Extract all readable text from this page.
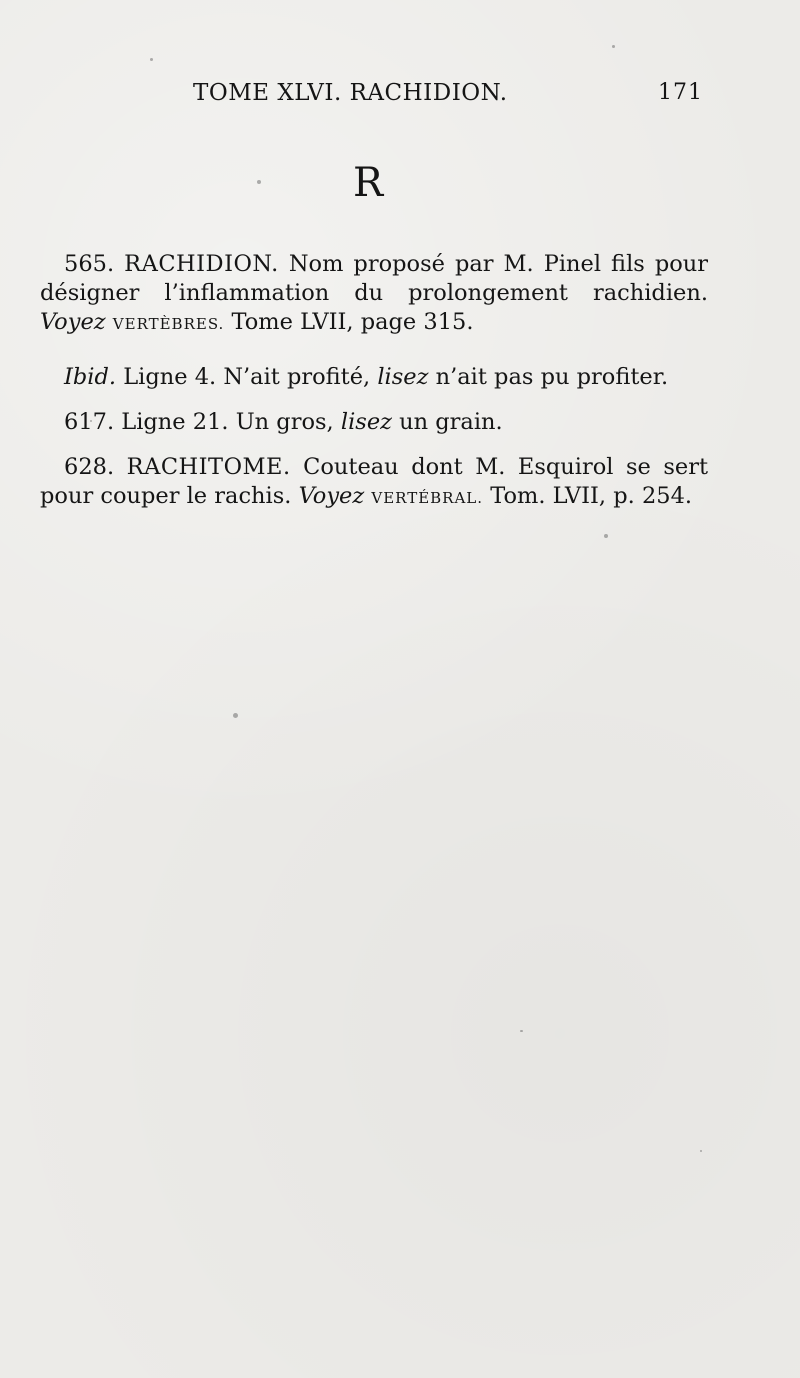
TOME XLVI. RACHIDION.	171
R

565. RACHIDION. Nom proposé par M. Pinel fils pour désigner l’inflammation du prolongement rachidien. Voyez VERTÈBRES. Tome LVII, page 315.

Ibid. Ligne 4. N’ait profité, lisez n’ait pas pu profiter.

617. Ligne 21. Un gros, lisez un grain.

628. RACHITOME. Couteau dont M. Esquirol se sert pour couper le rachis. Voyez VERTÉBRAL. Tom. LVII, p. 254.
